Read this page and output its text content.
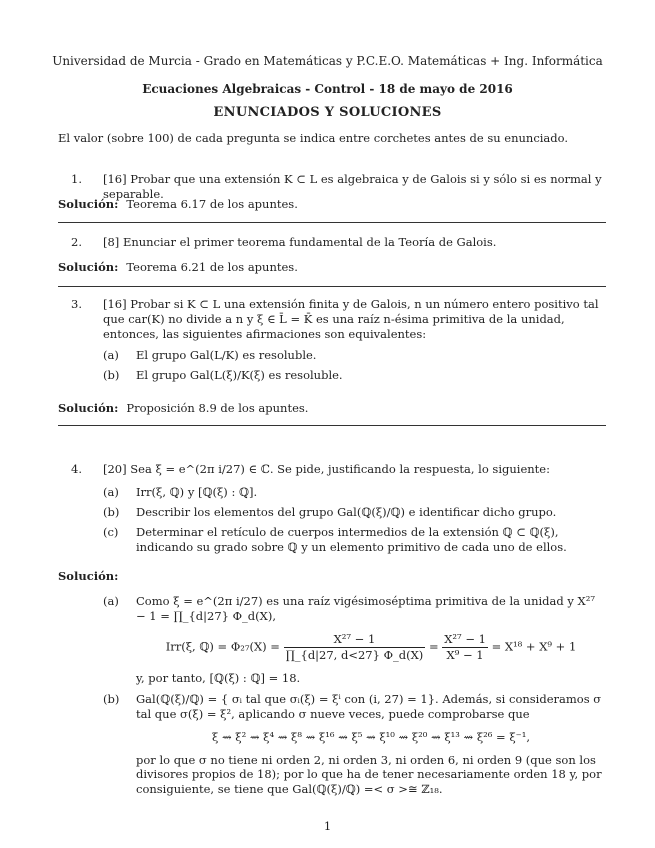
Universidad de Murcia - Grado en Matemáticas y P.C.E.O. Matemáticas + Ing. Informática
Ecuaciones Algebraicas - Control - 18 de mayo de 2016
ENUNCIADOS Y SOLUCIONES
El valor (sobre 100) de cada pregunta se indica entre corchetes antes de su enunciado.
1. [16] Probar que una extensión K ⊂ L es algebraica y de Galois si y sólo si es normal y separable.
Solución: Teorema 6.17 de los apuntes.
2. [8] Enunciar el primer teorema fundamental de la Teoría de Galois.
Solución: Teorema 6.21 de los apuntes.
3. [16] Probar si K ⊂ L una extensión finita y de Galois, n un número entero positivo tal que car(K) no divide a n y ξ ∈ L̄ = K̄ es una raíz n-ésima primitiva de la unidad, entonces, las siguientes afirmaciones son equivalentes:
(a) El grupo Gal(L/K) es resoluble.
(b) El grupo Gal(L(ξ)/K(ξ) es resoluble.
Solución: Proposición 8.9 de los apuntes.
4. [20] Sea ξ = e^(2π i/27) ∈ ℂ. Se pide, justificando la respuesta, lo siguiente:
(a) Irr(ξ, ℚ) y [ℚ(ξ) : ℚ].
(b) Describir los elementos del grupo Gal(ℚ(ξ)/ℚ) e identificar dicho grupo.
(c) Determinar el retículo de cuerpos intermedios de la extensión ℚ ⊂ ℚ(ξ), indicando su grado sobre ℚ y un elemento primitivo de cada uno de ellos.
Solución:
(a) Como ξ = e^(2π i/27) es una raíz vigésimoséptima primitiva de la unidad y X²⁷ − 1 = ∏_{d|27} Φ_d(X),
Irr(ξ, ℚ) = $\Phi_{27}(X) = \frac{\text{X²⁷ − 1}}{\prod\_\{d|27, d<27\} \Phi\_d(X)} = \frac{\text{X²⁷ − 1}}{\text{X⁹ − 1}} = X^{18} + X^9 + 1$
y, por tanto, [ℚ(ξ) : ℚ] = 18.
(b) Gal(ℚ(ξ)/ℚ) = { σᵢ tal que σᵢ(ξ) = ξⁱ con (i, 27) = 1}. Además, si consideramos σ tal que σ(ξ) = ξ², aplicando σ nueve veces, puede comprobarse que
ξ ⇝ ξ² ⇝ ξ⁴ ⇝ ξ⁸ ⇝ ξ¹⁶ ⇝ ξ⁵ ⇝ ξ¹⁰ ⇝ ξ²⁰ ⇝ ξ¹³ ⇝ ξ²⁶ = ξ⁻¹,
por lo que σ no tiene ni orden 2, ni orden 3, ni orden 6, ni orden 9 (que son los divisores propios de 18); por lo que ha de tener necesariamente orden 18 y, por consiguiente, se tiene que Gal(ℚ(ξ)/ℚ) =< σ >≅ ℤ₁₈.
1
